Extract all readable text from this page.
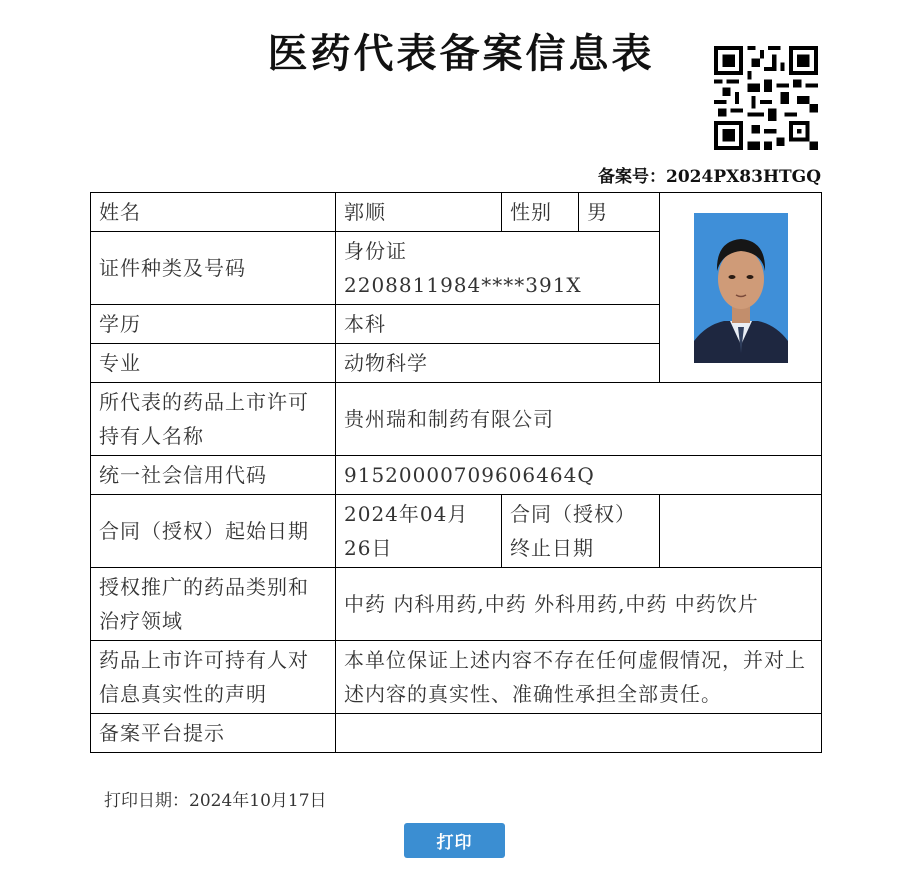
医药代表备案信息表
备案号：2024PX83HTGQ
姓名	郭顺	性别	男	
证件种类及号码	身份证 2208811984****391X			
学历	本科			
专业	动物科学			
所代表的药品上市许可持有人名称	贵州瑞和制药有限公司			
统一社会信用代码	91520000709606464Q			
合同（授权）起始日期	2024年04月26日	合同（授权）终止日期		
授权推广的药品类别和治疗领域	中药 内科用药,中药 外科用药,中药 中药饮片			
药品上市许可持有人对信息真实性的声明	本单位保证上述内容不存在任何虚假情况，并对上述内容的真实性、准确性承担全部责任。			
备案平台提示				
打印日期：2024年10月17日
打印
